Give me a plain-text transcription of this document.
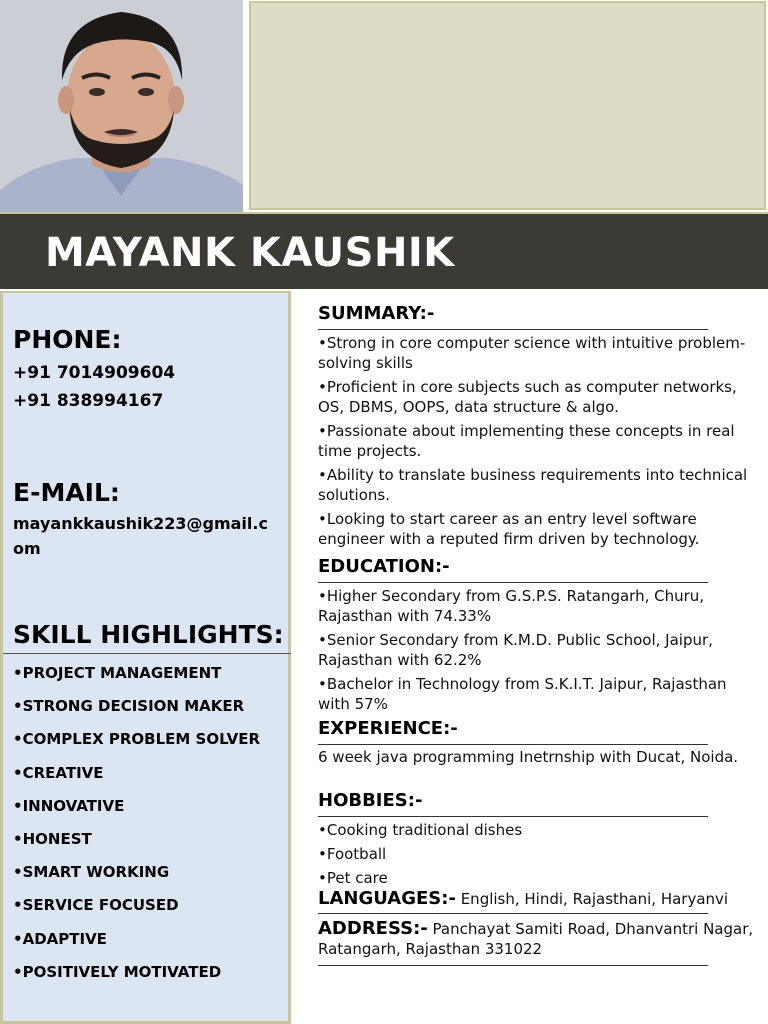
MAYANK KAUSHIK
PHONE:
+91 7014909604
+91 838994167
E-MAIL:
mayankkaushik223@gmail.c
om
SKILL HIGHLIGHTS:
•PROJECT MANAGEMENT
•STRONG DECISION MAKER
•COMPLEX PROBLEM SOLVER
•CREATIVE
•INNOVATIVE
•HONEST
•SMART WORKING
•SERVICE FOCUSED
•ADAPTIVE
•POSITIVELY MOTIVATED
SUMMARY:-

•Strong in core computer science with intuitive problem-solving skills

•Proficient in core subjects such as computer networks, OS, DBMS, OOPS, data structure & algo.

•Passionate about implementing these concepts in real time projects.

•Ability to translate business requirements into technical solutions.

•Looking to start career as an entry level software engineer with a reputed firm driven by technology.

EDUCATION:-

•Higher Secondary from G.S.P.S. Ratangarh, Churu, Rajasthan with 74.33%

•Senior Secondary from K.M.D. Public School, Jaipur, Rajasthan with 62.2%

•Bachelor in Technology from S.K.I.T. Jaipur, Rajasthan with 57%

EXPERIENCE:-

6 week java programming Inetrnship with Ducat, Noida.

HOBBIES:-

•Cooking traditional dishes

•Football

•Pet care

LANGUAGES:- English, Hindi, Rajasthani, Haryanvi
ADDRESS:- Panchayat Samiti Road, Dhanvantri Nagar, Ratangarh, Rajasthan 331022
